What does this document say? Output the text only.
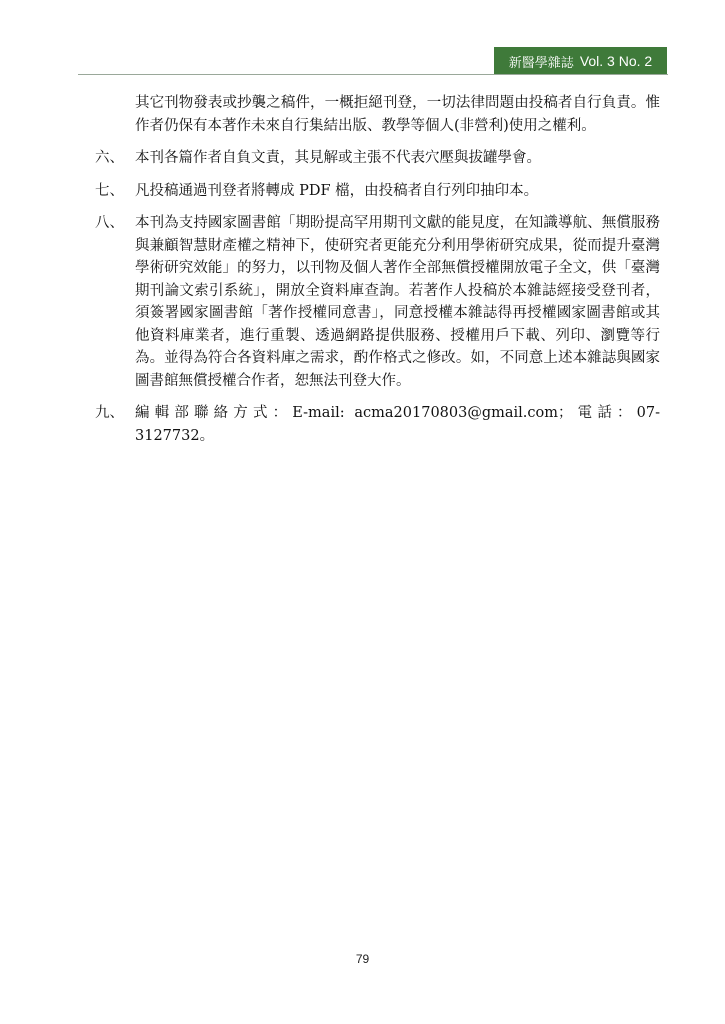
新醫學雜誌 Vol. 3 No. 2

其它刊物發表或抄襲之稿件，一概拒絕刊登，一切法律問題由投稿者自行負責。惟作者仍保有本著作未來自行集結出版、教學等個人(非營利)使用之權利。

六、 本刊各篇作者自負文責，其見解或主張不代表穴壓與拔罐學會。
七、 凡投稿通過刊登者將轉成 PDF 檔，由投稿者自行列印抽印本。
八、 本刊為支持國家圖書館「期盼提高罕用期刊文獻的能見度，在知識導航、無償服務與兼顧智慧財產權之精神下，使研究者更能充分利用學術研究成果，從而提升臺灣學術研究效能」的努力，以刊物及個人著作全部無償授權開放電子全文，供「臺灣期刊論文索引系統」，開放全資料庫查詢。若著作人投稿於本雜誌經接受登刊者，須簽署國家圖書館「著作授權同意書」，同意授權本雜誌得再授權國家圖書館或其他資料庫業者，進行重製、透過網路提供服務、授權用戶下載、列印、瀏覽等行為。並得為符合各資料庫之需求，酌作格式之修改。如，不同意上述本雜誌與國家圖書館無償授權合作者，恕無法刊登大作。
九、 編輯部聯絡方式：E-mail: acma20170803@gmail.com；電話：07-3127732。
79
